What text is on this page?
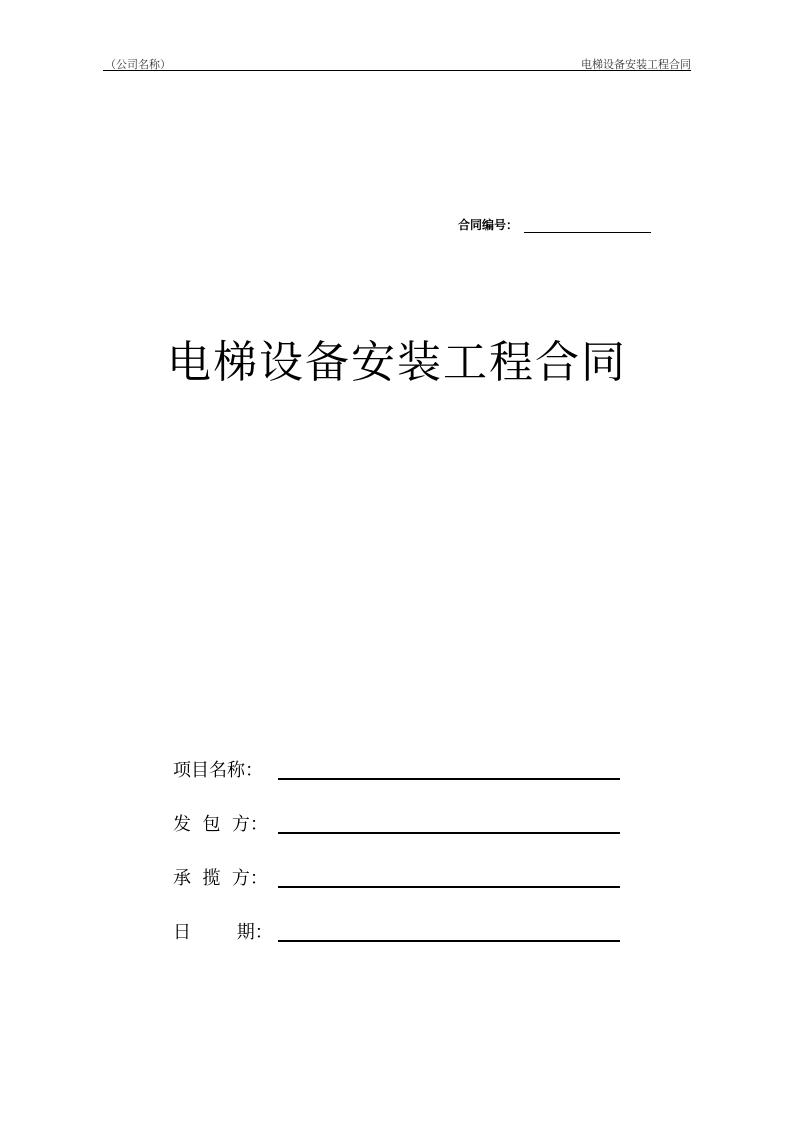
（公司名称）	电梯设备安装工程合同
合同编号：
电梯设备安装工程合同
项目名称：
发  包  方：
承  揽  方：
日        期：
